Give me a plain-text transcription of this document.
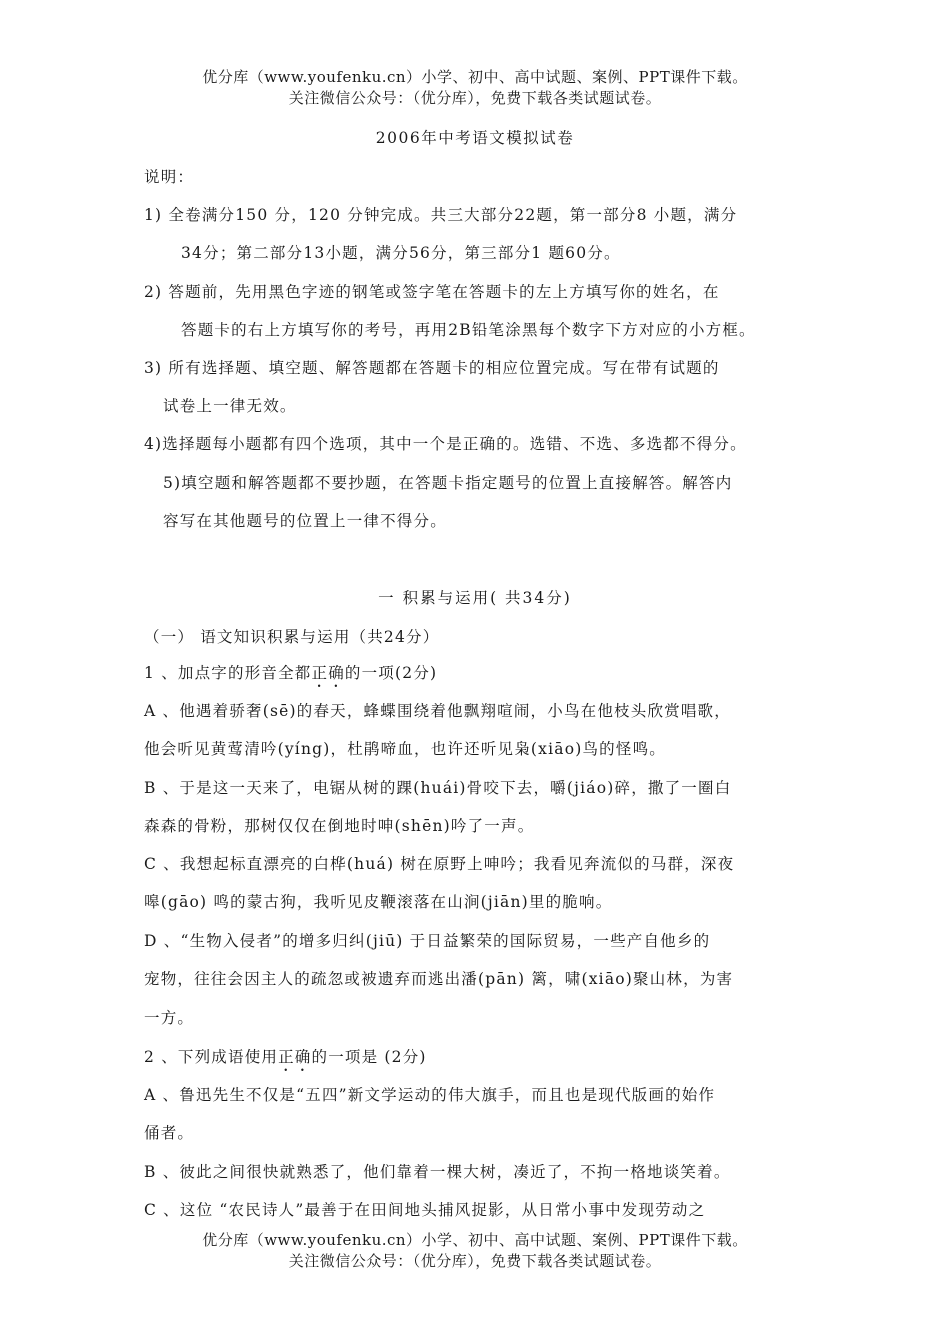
优分库（www.youfenku.cn）小学、初中、高中试题、案例、PPT课件下载。
关注微信公众号：（优分库），免费下载各类试题试卷。
2006年中考语文模拟试卷
说明：
1) 全卷满分150 分，120 分钟完成。共三大部分22题，第一部分8 小题，满分
34分；第二部分13小题，满分56分，第三部分1 题60分。
2) 答题前，先用黑色字迹的钢笔或签字笔在答题卡的左上方填写你的姓名，在
答题卡的右上方填写你的考号，再用2B铅笔涂黑每个数字下方对应的小方框。
3) 所有选择题、填空题、解答题都在答题卡的相应位置完成。写在带有试题的
试卷上一律无效。
4)选择题每小题都有四个选项，其中一个是正确的。选错、不选、多选都不得分。
5)填空题和解答题都不要抄题，在答题卡指定题号的位置上直接解答。解答内
容写在其他题号的位置上一律不得分。
一 积累与运用( 共34分)
（一） 语文知识积累与运用（共24分）
1 、加点字的形音全都正确的一项(2分)
A 、他遇着骄奢(sē)的春天，蜂蝶围绕着他飘翔喧闹，小鸟在他枝头欣赏唱歌，
他会听见黄莺清吟(yíng)，杜鹃啼血，也许还听见枭(xiāo)鸟的怪鸣。
B 、于是这一天来了，电锯从树的踝(huái)骨咬下去，嚼(jiáo)碎，撒了一圈白
森森的骨粉，那树仅仅在倒地时呻(shēn)吟了一声。
C 、我想起标直漂亮的白桦(huá) 树在原野上呻吟；我看见奔流似的马群，深夜
嗥(gāo) 鸣的蒙古狗，我听见皮鞭滚落在山涧(jiān)里的脆响。
D 、“生物入侵者”的增多归纠(jiū) 于日益繁荣的国际贸易，一些产自他乡的
宠物，往往会因主人的疏忽或被遗弃而逃出潘(pān) 篱，啸(xiāo)聚山林，为害
一方。
2 、下列成语使用正确的一项是 (2分)
A 、鲁迅先生不仅是“五四”新文学运动的伟大旗手，而且也是现代版画的始作
俑者。
B 、彼此之间很快就熟悉了，他们靠着一棵大树，凑近了，不拘一格地谈笑着。
C 、这位 “农民诗人”最善于在田间地头捕风捉影，从日常小事中发现劳动之
优分库（www.youfenku.cn）小学、初中、高中试题、案例、PPT课件下载。
关注微信公众号：（优分库），免费下载各类试题试卷。
